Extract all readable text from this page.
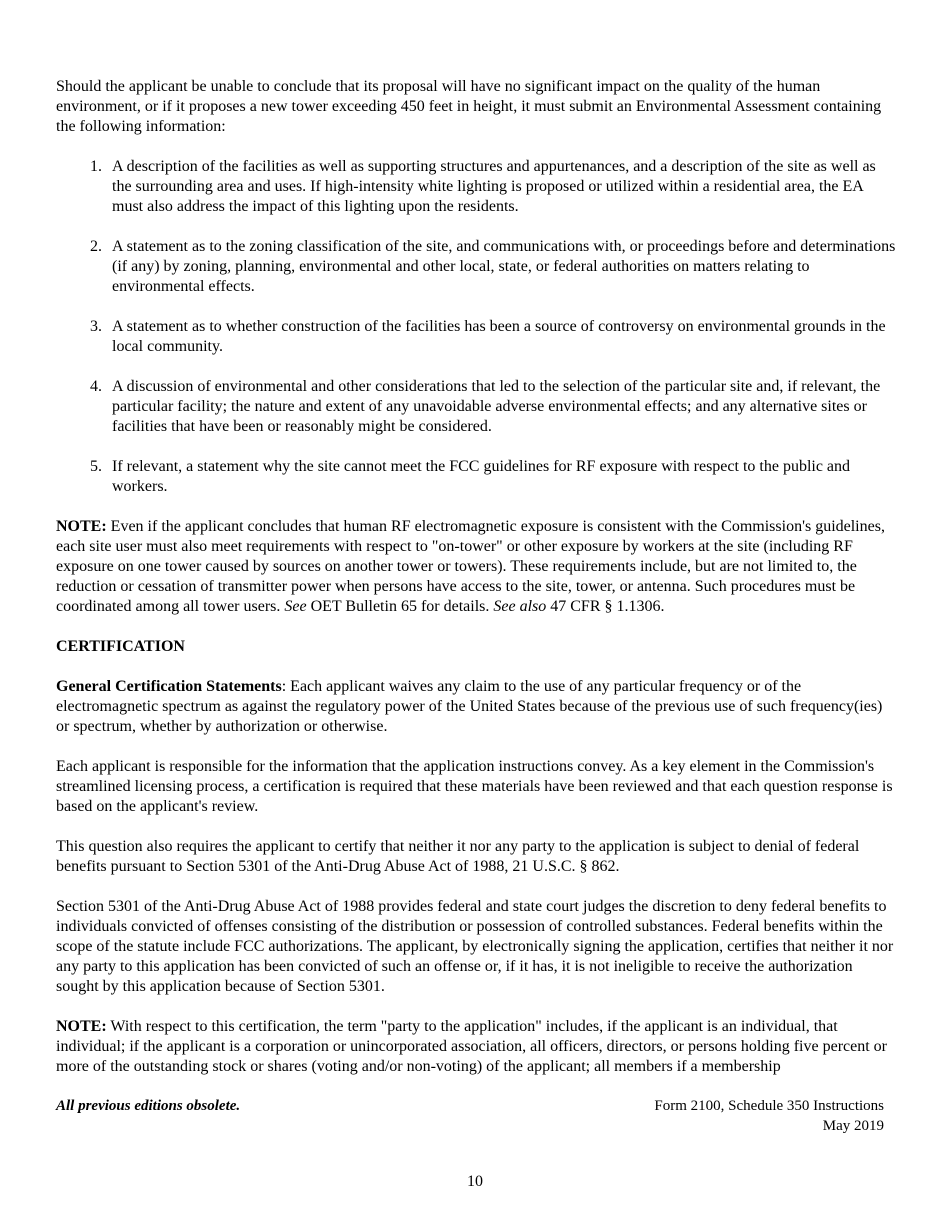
Should the applicant be unable to conclude that its proposal will have no significant impact on the quality of the human environment, or if it proposes a new tower exceeding 450 feet in height, it must submit an Environmental Assessment containing the following information:

1. A description of the facilities as well as supporting structures and appurtenances, and a description of the site as well as the surrounding area and uses. If high-intensity white lighting is proposed or utilized within a residential area, the EA must also address the impact of this lighting upon the residents.
2. A statement as to the zoning classification of the site, and communications with, or proceedings before and determinations (if any) by zoning, planning, environmental and other local, state, or federal authorities on matters relating to environmental effects.
3. A statement as to whether construction of the facilities has been a source of controversy on environmental grounds in the local community.
4. A discussion of environmental and other considerations that led to the selection of the particular site and, if relevant, the particular facility; the nature and extent of any unavoidable adverse environmental effects; and any alternative sites or facilities that have been or reasonably might be considered.
5. If relevant, a statement why the site cannot meet the FCC guidelines for RF exposure with respect to the public and workers.

NOTE: Even if the applicant concludes that human RF electromagnetic exposure is consistent with the Commission's guidelines, each site user must also meet requirements with respect to "on-tower" or other exposure by workers at the site (including RF exposure on one tower caused by sources on another tower or towers). These requirements include, but are not limited to, the reduction or cessation of transmitter power when persons have access to the site, tower, or antenna. Such procedures must be coordinated among all tower users. See OET Bulletin 65 for details. See also 47 CFR § 1.1306.

CERTIFICATION

General Certification Statements: Each applicant waives any claim to the use of any particular frequency or of the electromagnetic spectrum as against the regulatory power of the United States because of the previous use of such frequency(ies) or spectrum, whether by authorization or otherwise.

Each applicant is responsible for the information that the application instructions convey. As a key element in the Commission's streamlined licensing process, a certification is required that these materials have been reviewed and that each question response is based on the applicant's review.

This question also requires the applicant to certify that neither it nor any party to the application is subject to denial of federal benefits pursuant to Section 5301 of the Anti-Drug Abuse Act of 1988, 21 U.S.C. § 862.

Section 5301 of the Anti-Drug Abuse Act of 1988 provides federal and state court judges the discretion to deny federal benefits to individuals convicted of offenses consisting of the distribution or possession of controlled substances. Federal benefits within the scope of the statute include FCC authorizations. The applicant, by electronically signing the application, certifies that neither it nor any party to this application has been convicted of such an offense or, if it has, it is not ineligible to receive the authorization sought by this application because of Section 5301.

NOTE: With respect to this certification, the term "party to the application" includes, if the applicant is an individual, that individual; if the applicant is a corporation or unincorporated association, all officers, directors, or persons holding five percent or more of the outstanding stock or shares (voting and/or non-voting) of the applicant; all members if a membership

All previous editions obsolete.	Form 2100, Schedule 350 Instructions
May 2019
10
